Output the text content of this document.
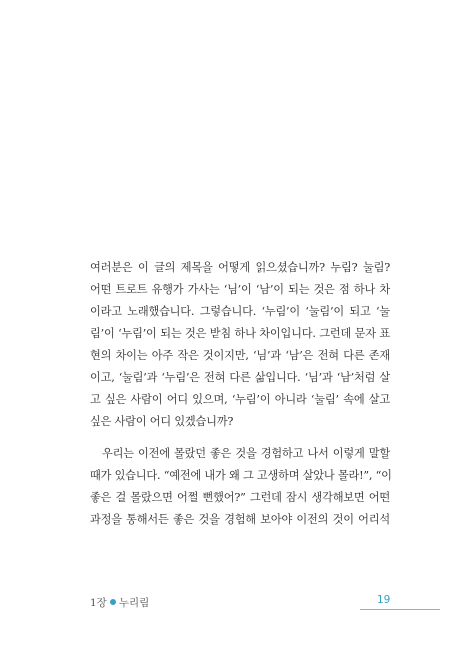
여러분은 이 글의 제목을 어떻게 읽으셨습니까? 누림? 눌림?
어떤 트로트 유행가 가사는 ‘님’이 ‘남’이 되는 것은 점 하나 차
이라고 노래했습니다. 그렇습니다. ‘누림’이 ‘눌림’이 되고 ‘눌
림’이 ‘누림’이 되는 것은 받침 하나 차이입니다. 그런데 문자 표
현의 차이는 아주 작은 것이지만, ‘님’과 ‘남’은 전혀 다른 존재
이고, ‘눌림’과 ‘누림’은 전혀 다른 삶입니다. ‘님’과 ‘남’처럼 살
고 싶은 사람이 어디 있으며, ‘누림’이 아니라 ‘눌림’ 속에 살고
싶은 사람이 어디 있겠습니까?
우리는 이전에 몰랐던 좋은 것을 경험하고 나서 이렇게 말할
때가 있습니다. “예전에 내가 왜 그 고생하며 살았나 몰라!”, “이
좋은 걸 몰랐으면 어쩔 뻔했어?” 그런데 잠시 생각해보면 어떤
과정을 통해서든 좋은 것을 경험해 보아야 이전의 것이 어리석
1장 누리림	19
